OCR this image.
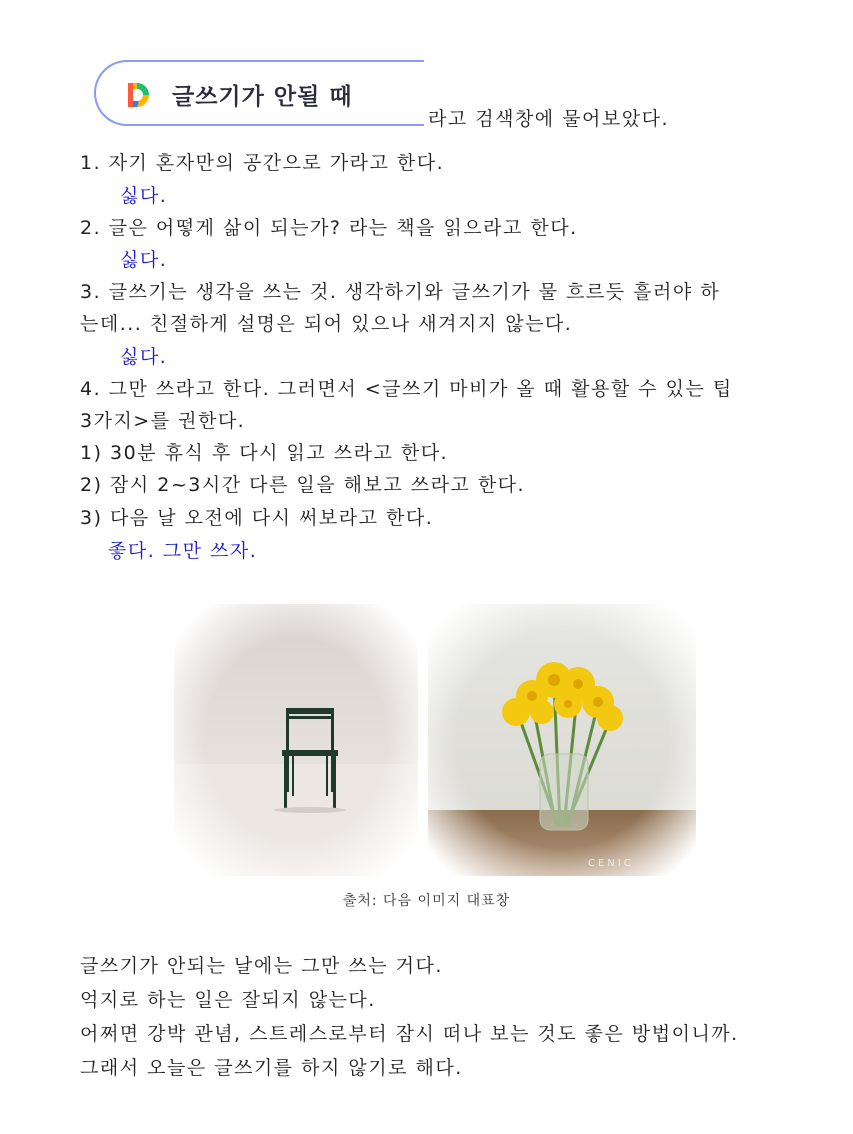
글쓰기가 안될 때
라고 검색창에 물어보았다.
1. 자기 혼자만의 공간으로 가라고 한다.
싫다.
2. 글은 어떻게 삶이 되는가? 라는 책을 읽으라고 한다.
싫다.
3. 글쓰기는 생각을 쓰는 것. 생각하기와 글쓰기가 물 흐르듯 흘러야 하
는데... 친절하게 설명은 되어 있으나 새겨지지 않는다.
싫다.
4. 그만 쓰라고 한다. 그러면서 <글쓰기 마비가 올 때 활용할 수 있는 팁
3가지>를 권한다.
1) 30분 휴식 후 다시 읽고 쓰라고 한다.
2) 잠시 2~3시간 다른 일을 해보고 쓰라고 한다.
3) 다음 날 오전에 다시 써보라고 한다.
좋다. 그만 쓰자.
출처: 다음 이미지 대표창
글쓰기가 안되는 날에는 그만 쓰는 거다.
억지로 하는 일은 잘되지 않는다.
어쩌면 강박 관념, 스트레스로부터 잠시 떠나 보는 것도 좋은 방법이니까.
그래서 오늘은 글쓰기를 하지 않기로 해다.
